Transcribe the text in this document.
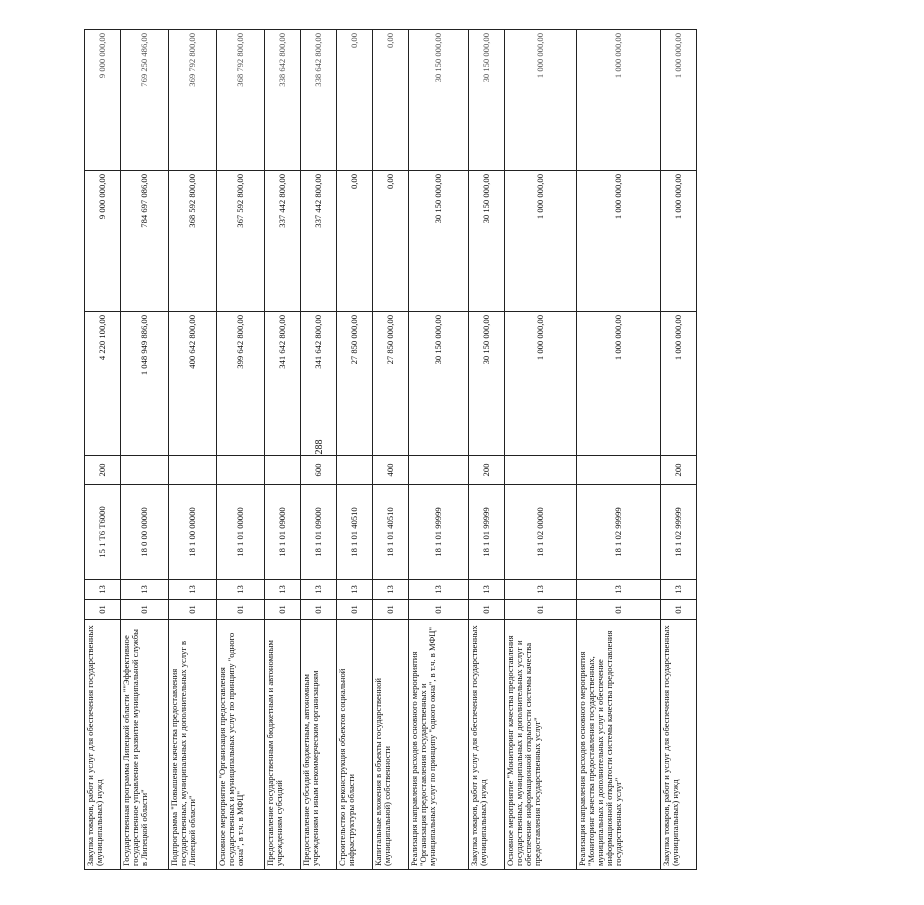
288
Закупка товаров, работ и услуг для обеспечения государственных (муниципальных) нужд	01	13	15 1 Т6 Т6000	200	4 220 100,00	9 000 000,00	9 000 000,00
Государственная программа Липецкой области ""Эффективное государственное управление и развитие муниципальной службы в Липецкой области"	01	13	18 0 00 00000		1 048 949 886,00	784 697 086,00	769 250 486,00
Подпрограмма "Повышение качества предоставления государственных, муниципальных и дополнительных услуг в Липецкой области"	01	13	18 1 00 00000		400 642 800,00	368 592 800,00	369 792 800,00
Основное мероприятие "Организация предоставления государственных и муниципальных услуг по принципу "одного окна", в т.ч. в МФЦ"	01	13	18 1 01 00000		399 642 800,00	367 592 800,00	368 792 800,00
Предоставление государственным бюджетным и автономным учреждениям субсидий	01	13	18 1 01 09000		341 642 800,00	337 442 800,00	338 642 800,00
Предоставление субсидий бюджетным, автономным учреждениям и иным некоммерческим организациям	01	13	18 1 01 09000	600	341 642 800,00	337 442 800,00	338 642 800,00
Строительство и реконструкция объектов социальной инфраструктуры области	01	13	18 1 01 40510		27 850 000,00	0,00	0,00
Капитальные вложения в объекты государственной (муниципальной) собственности	01	13	18 1 01 40510	400	27 850 000,00	0,00	0,00
Реализация направления расходов основного мероприятия "Организация предоставления государственных и муниципальных услуг по принципу "одного окна", в т.ч. в МФЦ"	01	13	18 1 01 99999		30 150 000,00	30 150 000,00	30 150 000,00
Закупка товаров, работ и услуг для обеспечения государственных (муниципальных) нужд	01	13	18 1 01 99999	200	30 150 000,00	30 150 000,00	30 150 000,00
Основное мероприятие "Мониторинг качества предоставления государственных, муниципальных и дополнительных услуг и обеспечение информационной открытости системы качества предоставления государственных услуг"	01	13	18 1 02 00000		1 000 000,00	1 000 000,00	1 000 000,00
Реализация направления расходов основного мероприятия "Мониторинг качества предоставления государственных, муниципальных и дополнительных услуг и обеспечение информационной открытости системы качества предоставления государственных услуг"	01	13	18 1 02 99999		1 000 000,00	1 000 000,00	1 000 000,00
Закупка товаров, работ и услуг для обеспечения государственных (муниципальных) нужд	01	13	18 1 02 99999	200	1 000 000,00	1 000 000,00	1 000 000,00
